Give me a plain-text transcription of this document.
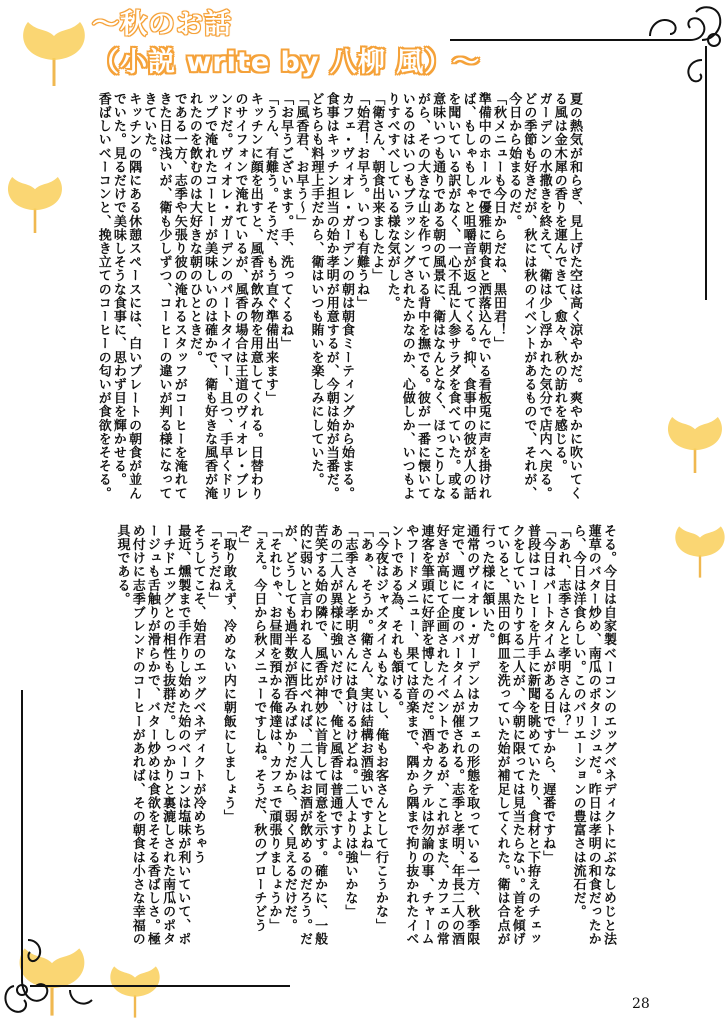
〜秋のお話
（小説 write by 八柳 風）〜
夏の熱気が和らぎ、見上げた空は高く涼やかだ。爽やかに吹いてくる風は金木犀の香りを運んできて、愈々、秋の訪れを感じる。
ガーデンの水撒きを終えて、衛は少し浮かれた気分で店内へ戻る。どの季節も好きだが、秋には秋のイベントがあるもので、それが、今日から始まるのだ。
「秋メニューも今日からだね、黒田君！」
準備中のホールで優雅に朝食と洒落込んでいる看板兎に声を掛ければ、もしゃもしゃと咀嚼音が返ってくる。抑、食事中の彼が人の話を聞いている訳がなく、一心不乱に人参サラダを食べていた。或る意味いつも通りである朝の風景に、衛はなんとなく、ほっこりしながら、その大きな山を作っている背中を撫でる。彼が一番に懐いているのはいつもブラッシングされたかなのか、心做しか、いつもよりすべすべしている様な気がした。
「衛さん、朝食出来ましたよ」
「始君！お早う。いつも有難うね」
カフェ・ヴィオレ・ガーデンの朝は朝食ミーティングから始まる。食事はキッチン担当の始か孝明が用意するが、今朝は始が当番だ。どちらも料理上手だから、衛はいつも賄いを楽しみにしていた。
「風香君、お早う〜」
「お早うございます。手、洗ってくるね」
「うん、有難う。そうだ、もう直ぐ準備出来ます」
キッチンに顔を出すと、風香が飲み物を用意してくれる。日替わりのサイフォンで淹れているが、風香の場合は王道のヴィオレ・ブレンドだ。ヴィオレ・ガーデンのパートタイマー、且つ、手早くドリップで淹れたコーヒーが美味しいのは確かで、衛も好きな風香が淹れたのを飲むのは大好きな朝のひとときだ。
である一方、志季や矢張り彼の淹れるスタッフがコーヒーを淹れてきた日は浅いが、衛も少しずつ、コーヒーの違いが判る様になってきていた。
キッチンの隅にある休憩スペースには、白いプレートの朝食が並んでいた。見るだけで美味しそうな食事に、思わず目を輝かせる。
香ばしいベーコンと、挽き立てのコーヒーの匂いが食欲をそそる。
そる。今日は自家製ベーコンのエッグベネディクトにぶなしめじと法蓮草のバター炒め、南瓜のポタージュだ。昨日は孝明の和食だったから、今日は洋食らしい。このバリエーションの豊富さは流石だ。
「あれ、志季さんと孝明さんは？」
「今日はパートタイムがある日ですから、遅番ですね」
普段はコーヒーを片手に新聞を眺めていたり、食材と下拵えのチェックをしていたりする二人が、今朝に限っては見当たらない。首を傾げていると、黒田の餌皿を洗っていた始が補足してくれた。衛は合点が行った様に頷いた。
通常のヴィオレ・ガーデンはカフェの形態を取っている一方、秋季限定で、週に一度のバータイムが催される。志季と孝明、年長二人の酒好きが高じて企画されたイベントであるが、これがまた、カフェの常連客を筆頭に好評を博したのだ。酒やカクテルは勿論の事、チャームやフードメニュー、果ては音楽まで、隅から隅まで拘り抜かれたイベントである為、それも頷ける。
「今夜はジャズタイムもないし、俺もお客さんとして行こうかな」
「あぁ、そうか。衛さん、実は結構お酒強いですよね」
「志季さんと孝明さんには負けるけどね。二人よりは強いかな」
あの二人が異様に強いだけで、俺と風香は普通ですよ。
苦笑する始の隣で、風香が神妙に首肯して同意を示す。確かに、一般的に弱いと言われる人に比べれば、二人はお酒が飲めるのだろう。だが、どうしても過半数が酒呑みばかりだから、弱く見えるだけだ。
「それじゃ、お昼間を預かる俺達は、カフェで頑張りましょうか」
「ええ。今日から秋メニューですしね。そうだ、秋のブローチどうぞ」
「取り敢えず、冷めない内に朝飯にしましょう」
「そうだね」
そうしてこそ、始君のエッグベネディクトが冷めちゃう
最近、燻製まで手作りし始めた始のベーコンは塩味が利いていて、ポーチドエッグとの相性も抜群だ。しっかりと裏漉しされた南瓜のポタージュも舌触りが滑らかで、バター炒めは食欲をそそる香ばしさ。極め付けに志季ブレンドのコーヒーがあれば、その朝食は小さな幸福の具現である。
28
